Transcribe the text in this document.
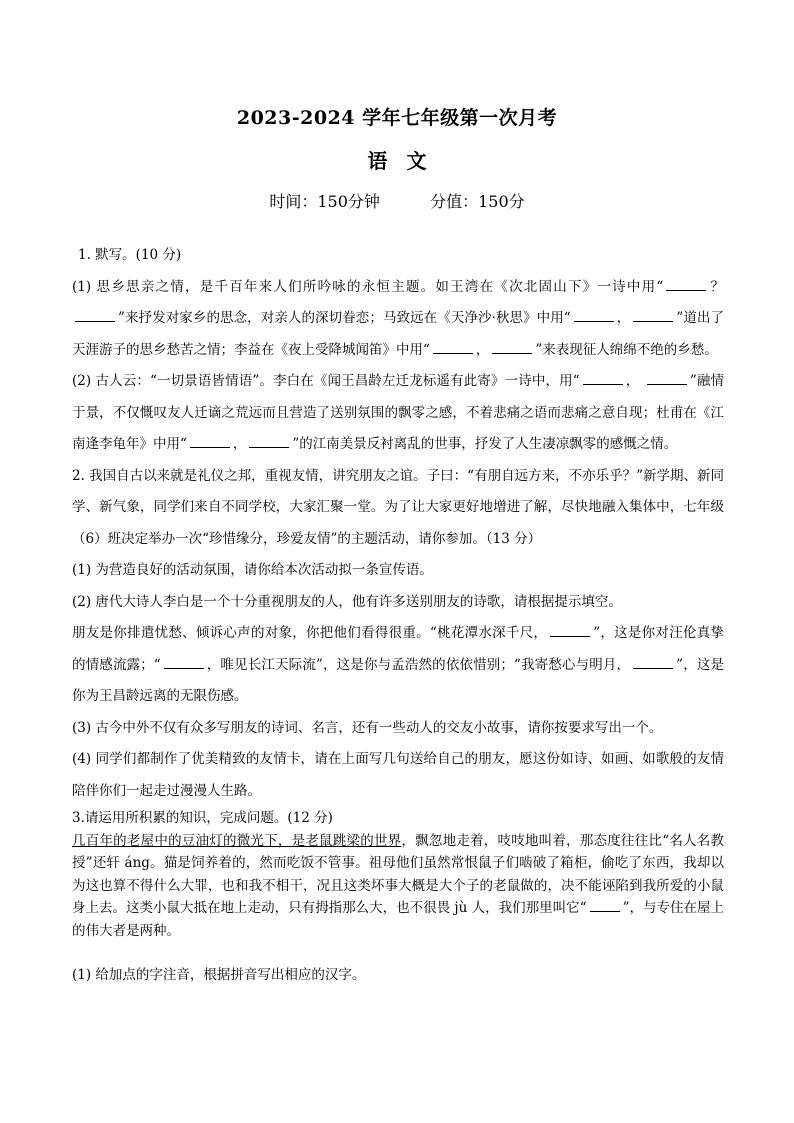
2023-2024 学年七年级第一次月考
语 文
时间：150分钟	分值：150分

1. 默写。(10 分)

(1) 思乡思亲之情，是千百年来人们所吟咏的永恒主题。如王湾在《次北固山下》一诗中用“	？ ”来抒发对家乡的思念，对亲人的深切眷恋；马致远在《天净沙·秋思》中用“	，	”道出了天涯游子的思乡愁苦之情；李益在《夜上受降城闻笛》中用“	，	”来表现征人绵绵不绝的乡愁。

(2) 古人云：“一切景语皆情语”。李白在《闻王昌龄左迁龙标遥有此寄》一诗中，用“	，	”融情于景，不仅慨叹友人迁谪之荒远而且营造了送别氛围的飘零之感，不着悲痛之语而悲痛之意自现；杜甫在《江南逢李龟年》中用“	，	”的江南美景反衬离乱的世事，抒发了人生凄凉飘零的感慨之情。

2. 我国自古以来就是礼仪之邦，重视友情，讲究朋友之谊。子曰：“有朋自远方来，不亦乐乎？”新学期、新同学、新气象，同学们来自不同学校，大家汇聚一堂。为了让大家更好地增进了解，尽快地融入集体中，七年级（6）班决定举办一次“珍惜缘分，珍爱友情”的主题活动，请你参加。（13 分）

(1) 为营造良好的活动氛围，请你给本次活动拟一条宣传语。

(2) 唐代大诗人李白是一个十分重视朋友的人，他有许多送别朋友的诗歌，请根据提示填空。

朋友是你排遣忧愁、倾诉心声的对象，你把他们看得很重。“桃花潭水深千尺，	”，这是你对汪伦真挚的情感流露；“	，唯见长江天际流”，这是你与孟浩然的依依惜别；“我寄愁心与明月，	”，这是你为王昌龄远离的无限伤感。

(3) 古今中外不仅有众多写朋友的诗词、名言，还有一些动人的交友小故事，请你按要求写出一个。

(4) 同学们都制作了优美精致的友情卡，请在上面写几句送给自己的朋友，愿这份如诗、如画、如歌般的友情陪伴你们一起走过漫漫人生路。

3.请运用所积累的知识，完成问题。(12 分)

几百年的老屋中的豆油灯的微光下，是老鼠跳梁的世界，飘忽地走着，吱吱地叫着，那态度往往比“名人名教授”还轩 áng。猫是饲养着的，然而吃饭不管事。祖母他们虽然常恨鼠子们啮破了箱柜，偷吃了东西，我却以为这也算不得什么大罪，也和我不相干，况且这类坏事大概是大个子的老鼠做的，决不能诬陷到我所爱的小鼠身上去。这类小鼠大抵在地上走动，只有拇指那么大，也不很畏 jù 人，我们那里叫它“	”，与专住在屋上的伟大者是两种。

(1) 给加点的字注音，根据拼音写出相应的汉字。
